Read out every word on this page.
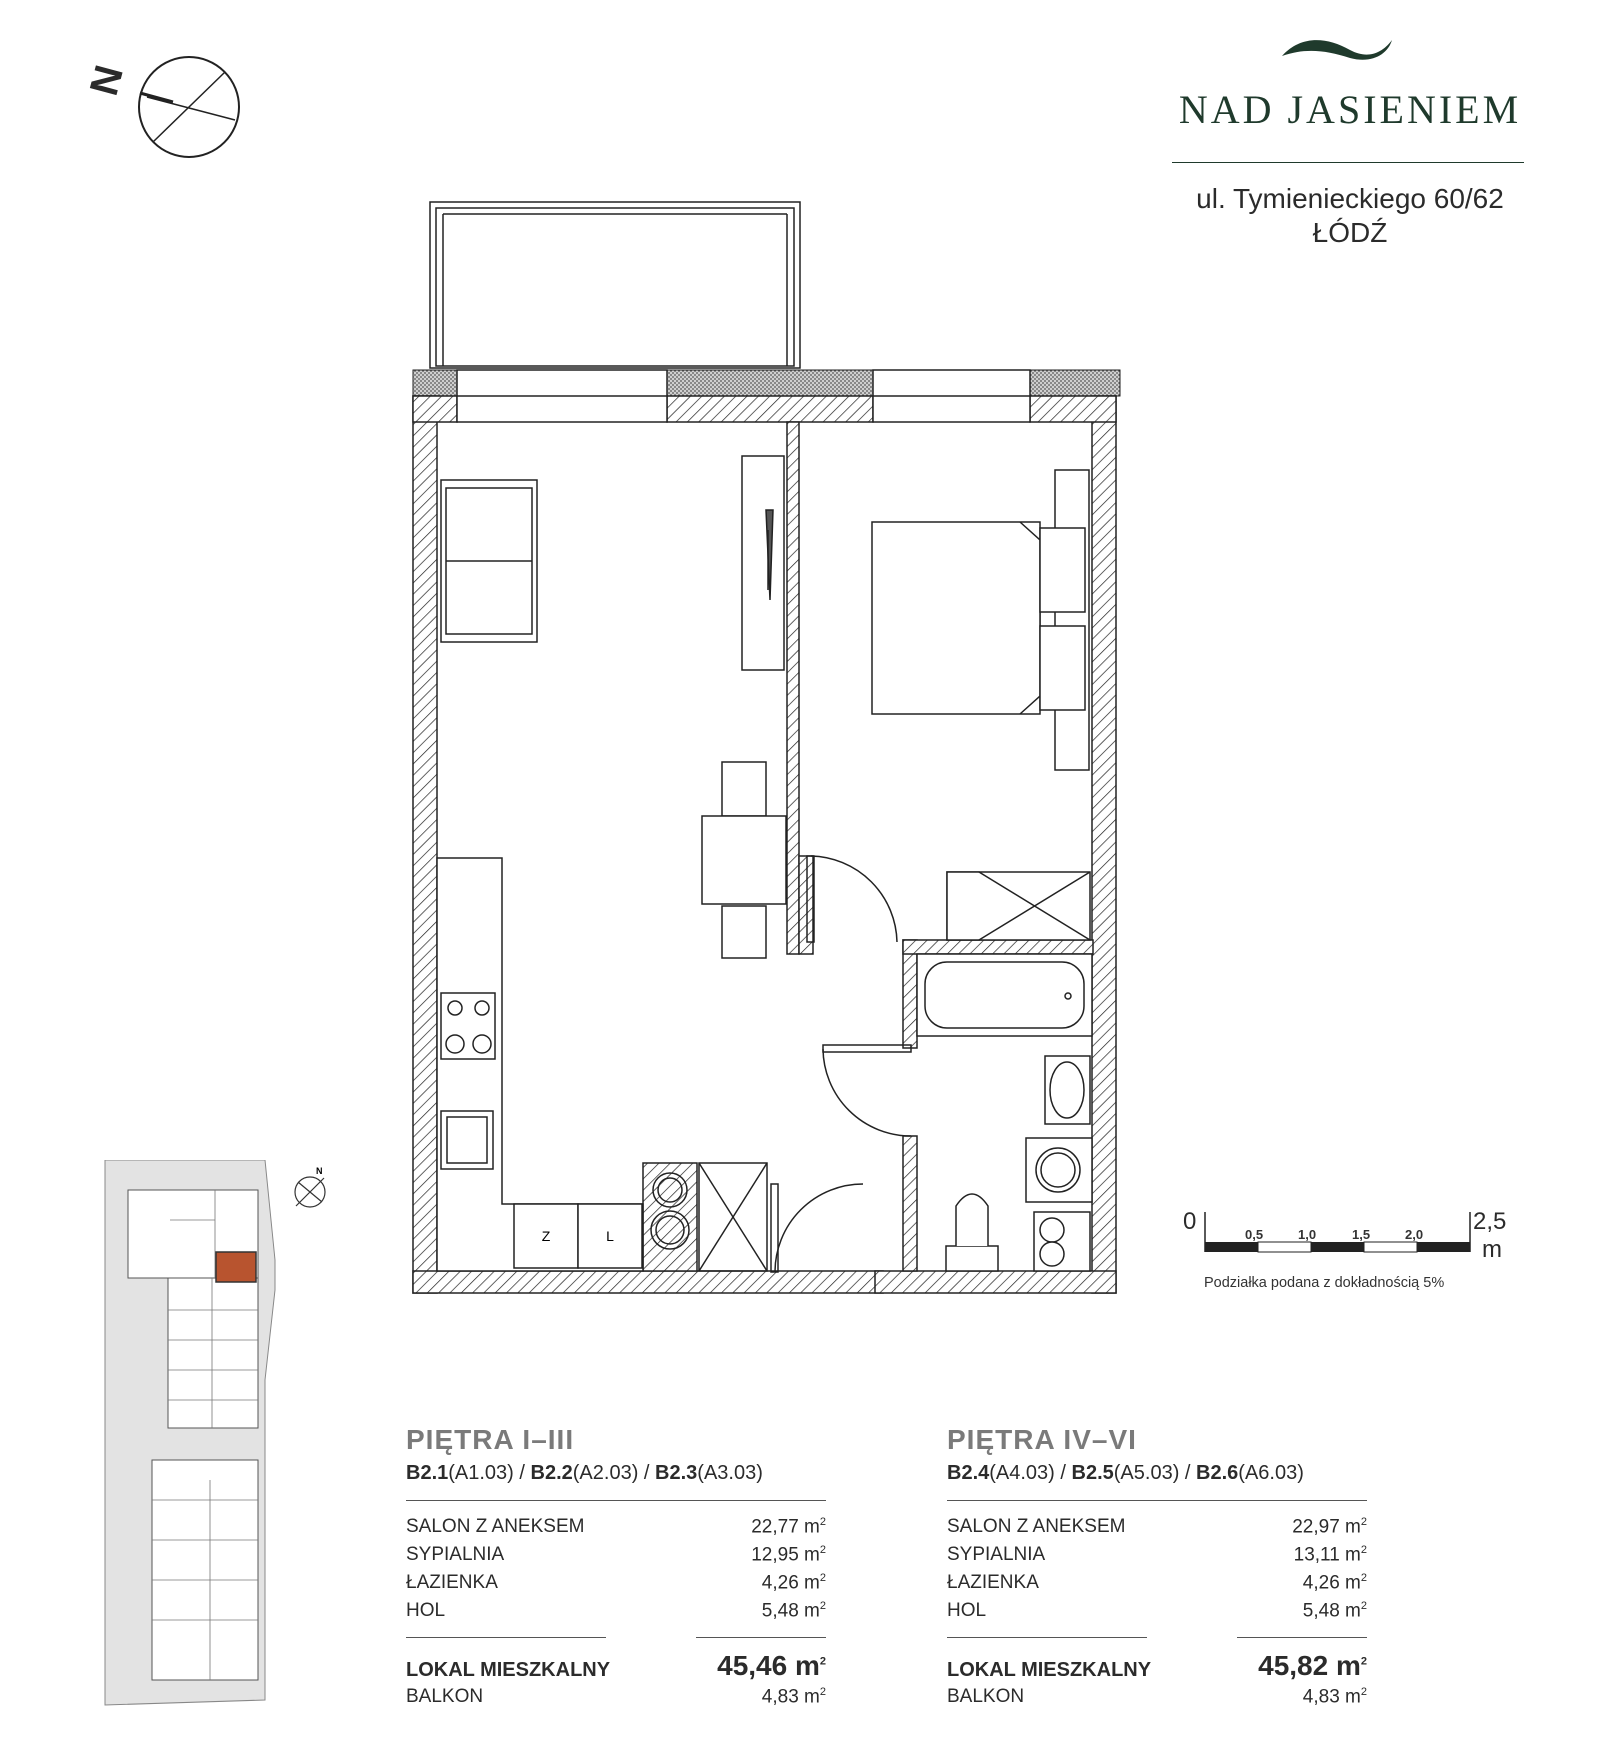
N
NAD JASIENIEM
ul. Tymienieckiego 60/62
ŁÓDŹ
Z	L
N
0	2,5
m
0,5	1,0	1,5	2,0
Podziałka podana z dokładnością 5%
PIĘTRA I–III
B2.1(A1.03) / B2.2(A2.03) / B2.3(A3.03)
SALON Z ANEKSEM	22,77 $m^2$
SYPIALNIA	12,95 $m^2$
ŁAZIENKA	4,26 $m^2$
HOL	5,48 $m^2$
LOKAL MIESZKALNY	45,46 $m^2$
BALKON	4,83 $m^2$
PIĘTRA IV–VI
B2.4(A4.03) / B2.5(A5.03) / B2.6(A6.03)
SALON Z ANEKSEM	22,97 $m^2$
SYPIALNIA	13,11 $m^2$
ŁAZIENKA	4,26 $m^2$
HOL	5,48 $m^2$
LOKAL MIESZKALNY	45,82 $m^2$
BALKON	4,83 $m^2$
